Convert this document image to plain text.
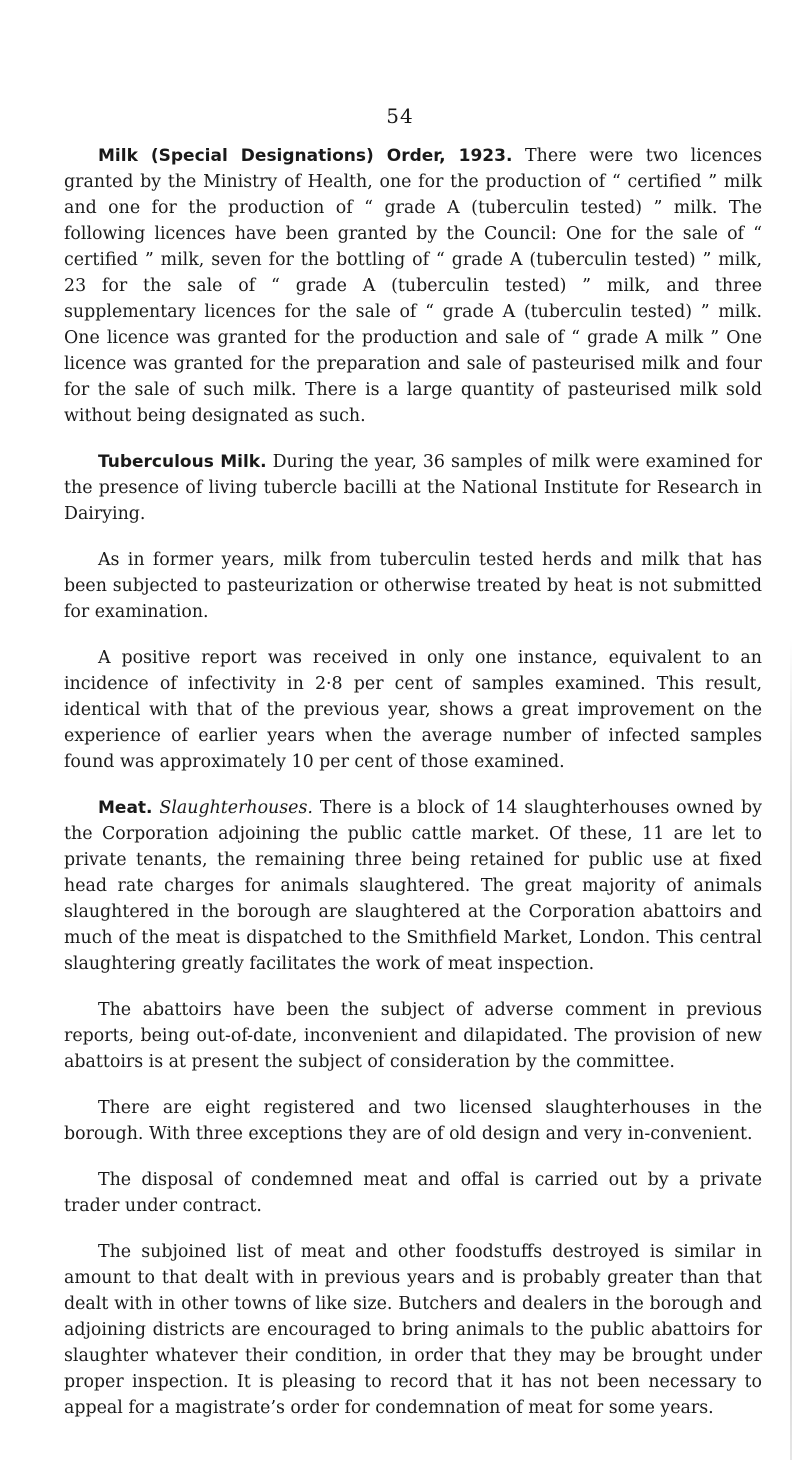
54

Milk (Special Designations) Order, 1923. There were two licences granted by the Ministry of Health, one for the production of “ certified ” milk and one for the production of “ grade A (tuberculin tested) ” milk. The following licences have been granted by the Council: One for the sale of “ certified ” milk, seven for the bottling of “ grade A (tuberculin tested) ” milk, 23 for the sale of “ grade A (tuberculin tested) ” milk, and three supplementary licences for the sale of “ grade A (tuberculin tested) ” milk. One licence was granted for the production and sale of “ grade A milk ” One licence was granted for the preparation and sale of pasteurised milk and four for the sale of such milk. There is a large quantity of pasteurised milk sold without being designated as such.

Tuberculous Milk. During the year, 36 samples of milk were examined for the presence of living tubercle bacilli at the National Institute for Research in Dairying.

As in former years, milk from tuberculin tested herds and milk that has been subjected to pasteurization or otherwise treated by heat is not submitted for examination.

A positive report was received in only one instance, equivalent to an incidence of infectivity in 2·8 per cent of samples examined. This result, identical with that of the previous year, shows a great improvement on the experience of earlier years when the average number of infected samples found was approximately 10 per cent of those examined.

Meat. Slaughterhouses. There is a block of 14 slaughterhouses owned by the Corporation adjoining the public cattle market. Of these, 11 are let to private tenants, the remaining three being retained for public use at fixed head rate charges for animals slaughtered. The great majority of animals slaughtered in the borough are slaughtered at the Corporation abattoirs and much of the meat is dispatched to the Smithfield Market, London. This central slaughtering greatly facilitates the work of meat inspection.

The abattoirs have been the subject of adverse comment in previous reports, being out-of-date, inconvenient and dilapidated. The provision of new abattoirs is at present the subject of consideration by the committee.

There are eight registered and two licensed slaughterhouses in the borough. With three exceptions they are of old design and very in-convenient.

The disposal of condemned meat and offal is carried out by a private trader under contract.

The subjoined list of meat and other foodstuffs destroyed is similar in amount to that dealt with in previous years and is probably greater than that dealt with in other towns of like size. Butchers and dealers in the borough and adjoining districts are encouraged to bring animals to the public abattoirs for slaughter whatever their condition, in order that they may be brought under proper inspection. It is pleasing to record that it has not been necessary to appeal for a magistrate’s order for condemnation of meat for some years.
